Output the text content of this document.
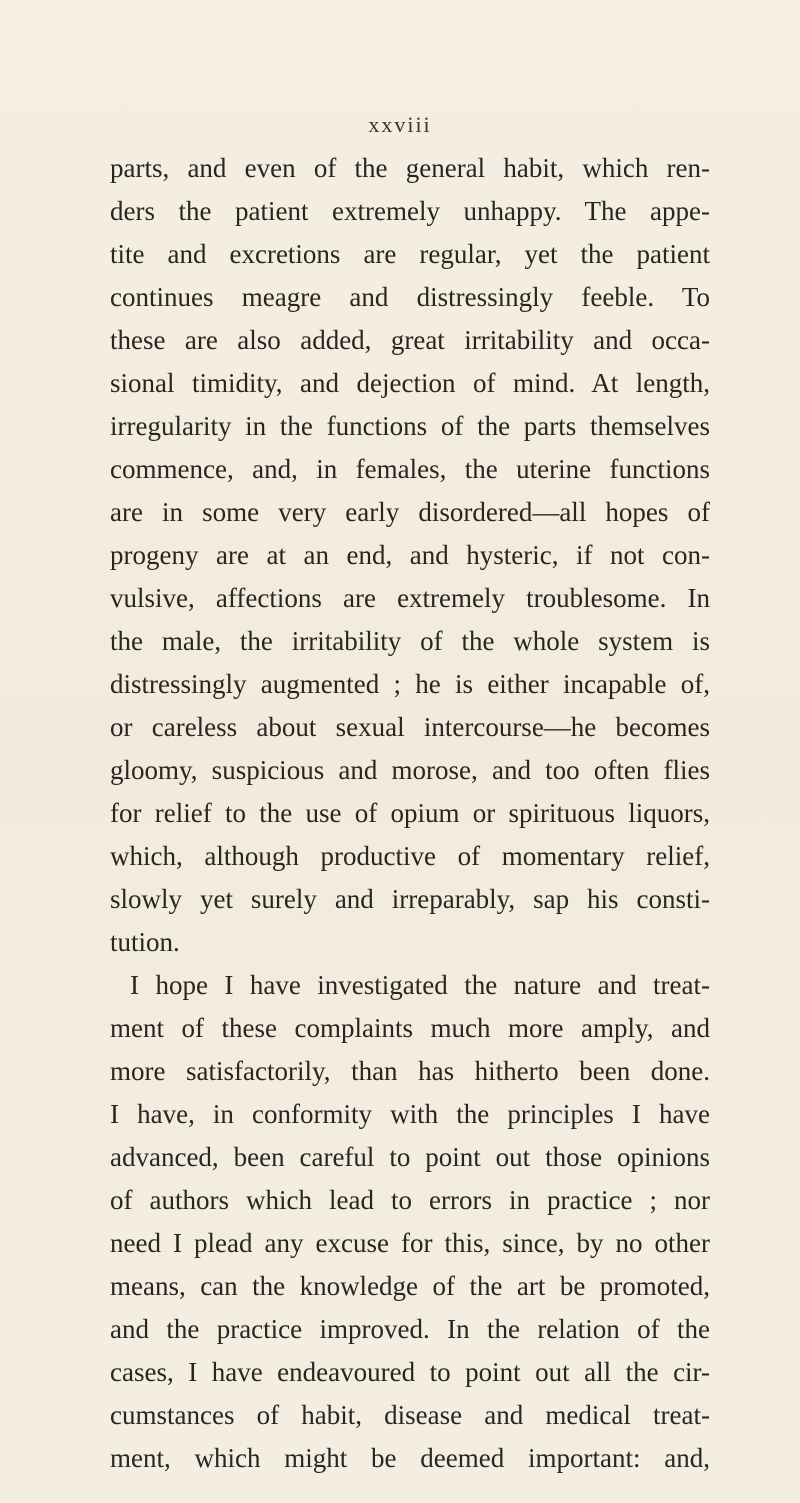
xxviii
parts, and even of the general habit, which ren-
ders the patient extremely unhappy. The appe-
tite and excretions are regular, yet the patient
continues meagre and distressingly feeble. To
these are also added, great irritability and occa-
sional timidity, and dejection of mind. At length,
irregularity in the functions of the parts themselves
commence, and, in females, the uterine functions
are in some very early disordered—all hopes of
progeny are at an end, and hysteric, if not con-
vulsive, affections are extremely troublesome. In
the male, the irritability of the whole system is
distressingly augmented ; he is either incapable of,
or careless about sexual intercourse—he becomes
gloomy, suspicious and morose, and too often flies
for relief to the use of opium or spirituous liquors,
which, although productive of momentary relief,
slowly yet surely and irreparably, sap his consti-
tution.
I hope I have investigated the nature and treat-
ment of these complaints much more amply, and
more satisfactorily, than has hitherto been done.
I have, in conformity with the principles I have
advanced, been careful to point out those opinions
of authors which lead to errors in practice ; nor
need I plead any excuse for this, since, by no other
means, can the knowledge of the art be promoted,
and the practice improved. In the relation of the
cases, I have endeavoured to point out all the cir-
cumstances of habit, disease and medical treat-
ment, which might be deemed important: and,
